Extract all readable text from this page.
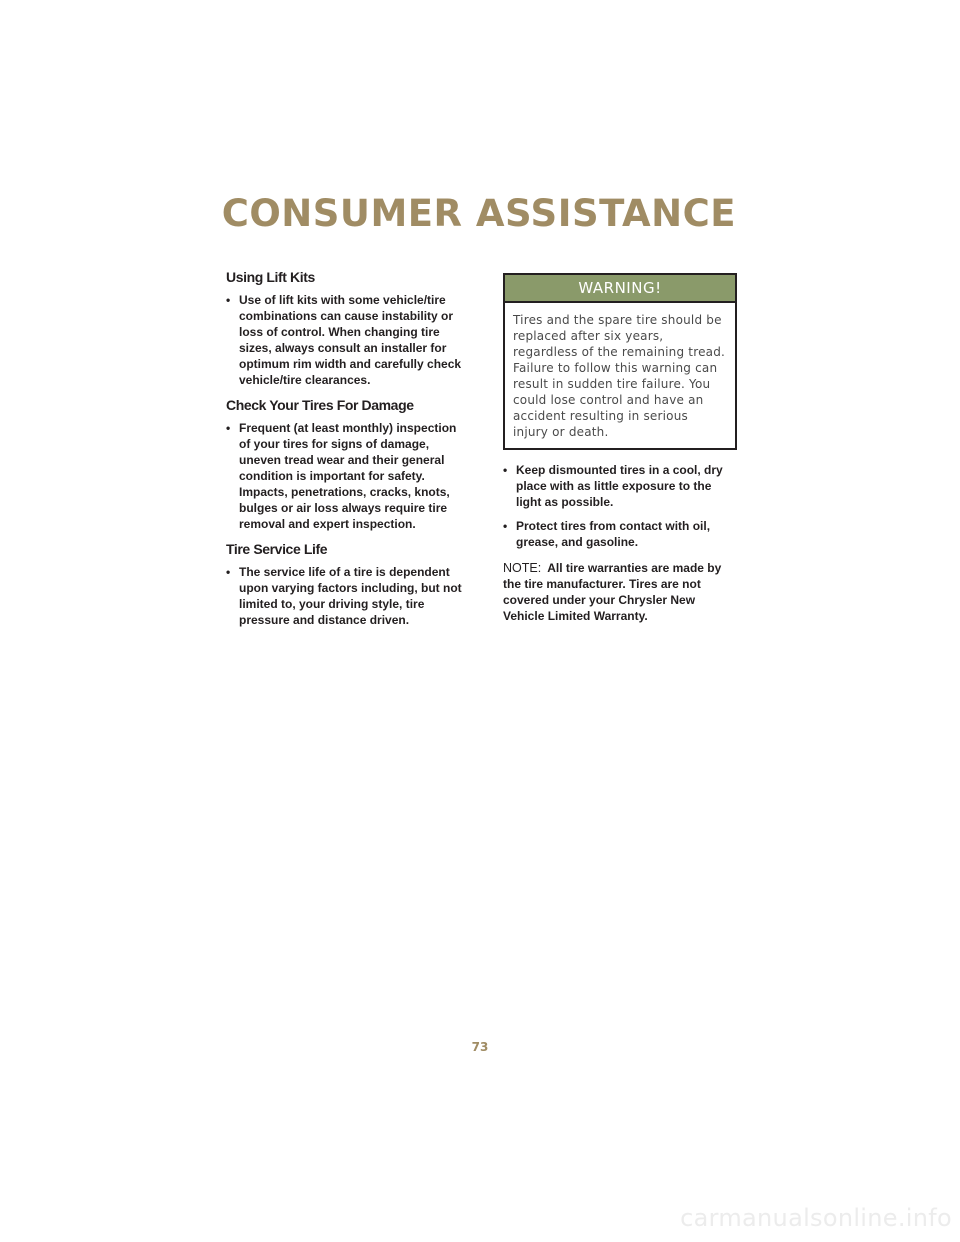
CONSUMER ASSISTANCE
Using Lift Kits
• Use of lift kits with some vehicle/tire combinations can cause instability or loss of control. When changing tire sizes, always consult an installer for optimum rim width and carefully check vehicle/tire clearances.
Check Your Tires For Damage
• Frequent (at least monthly) inspection of your tires for signs of damage, uneven tread wear and their general condition is important for safety. Impacts, penetrations, cracks, knots, bulges or air loss always require tire removal and expert inspection.
Tire Service Life
• The service life of a tire is dependent upon varying factors including, but not limited to, your driving style, tire pressure and distance driven.
WARNING!
Tires and the spare tire should be replaced after six years, regardless of the remaining tread. Failure to follow this warning can result in sudden tire failure. You could lose control and have an accident resulting in serious injury or death.
• Keep dismounted tires in a cool, dry place with as little exposure to the light as possible.
• Protect tires from contact with oil, grease, and gasoline.

NOTE: All tire warranties are made by the tire manufacturer. Tires are not covered under your Chrysler New Vehicle Limited Warranty.

73
carmanualsonline.info
